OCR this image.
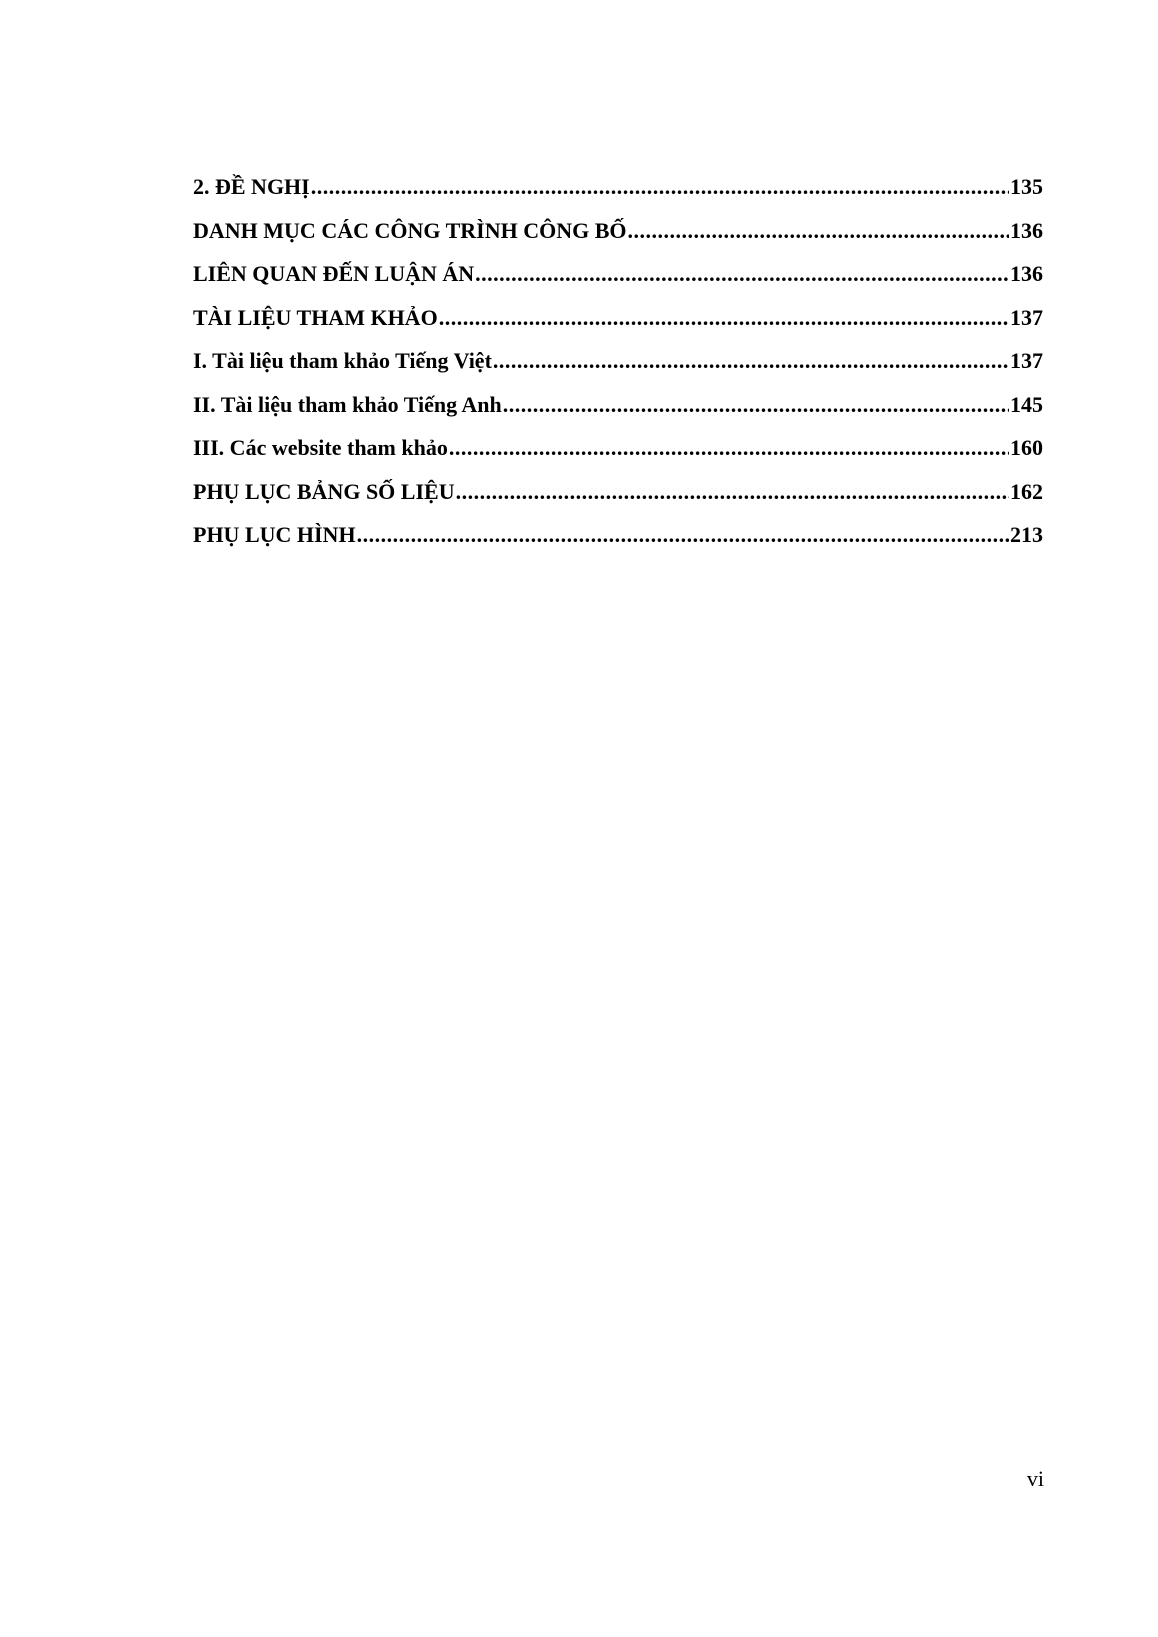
2. ĐỀ NGHỊ .....	135
DANH MỤC CÁC CÔNG TRÌNH CÔNG BỐ .....	136
LIÊN QUAN ĐẾN LUẬN ÁN .....	136
TÀI LIỆU THAM KHẢO .....	137
I. Tài liệu tham khảo Tiếng Việt .....	137
II. Tài liệu tham khảo Tiếng Anh .....	145
III. Các website tham khảo .....	160
PHỤ LỤC BẢNG SỐ LIỆU .....	162
PHỤ LỤC HÌNH .....	213
vi
